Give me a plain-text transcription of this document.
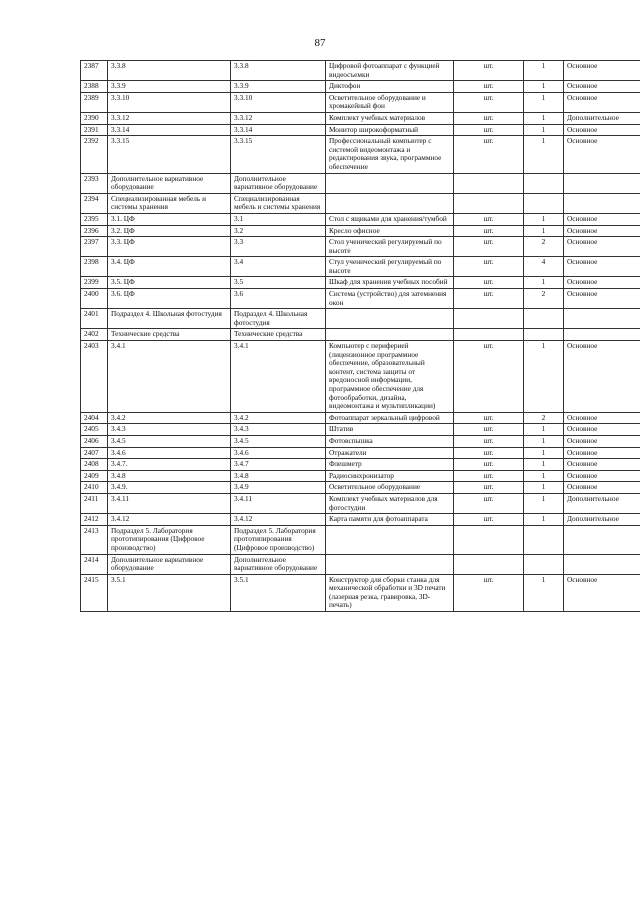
87
2387	3.3.8	3.3.8	Цифровой фотоаппарат с функцией видеосъемки	шт.	1	Основное
2388	3.3.9	3.3.9	Диктофон	шт.	1	Основное
2389	3.3.10	3.3.10	Осветительное оборудование и хромакейный фон	шт.	1	Основное
2390	3.3.12	3.3.12	Комплект учебных материалов	шт.	1	Дополнительное
2391	3.3.14	3.3.14	Монитор широкоформатный	шт.	1	Основное
2392	3.3.15	3.3.15	Профессиональный компьютер с системой видеомонтажа и редактирования звука, программное обеспечение	шт.	1	Основное
2393	Дополнительное вариативное оборудование	Дополнительное вариативное оборудование				
2394	Специализированная мебель и системы хранения	Специализированная мебель и системы хранения				
2395	3.1. ЦФ	3.1	Стол с ящиками для хранения/тумбой	шт.	1	Основное
2396	3.2. ЦФ	3.2	Кресло офисное	шт.	1	Основное
2397	3.3. ЦФ	3.3	Стол ученический регулируемый по высоте	шт.	2	Основное
2398	3.4. ЦФ	3.4	Стул ученический регулируемый по высоте	шт.	4	Основное
2399	3.5. ЦФ	3.5	Шкаф для хранения учебных пособий	шт.	1	Основное
2400	3.6. ЦФ	3.6	Система (устройство) для затемнения окон	шт.	2	Основное
2401	Подраздел 4. Школьная фотостудия	Подраздел 4. Школьная фотостудия				
2402	Технические средства	Технические средства				
2403	3.4.1	3.4.1	Компьютер с периферией (лицензионное программное обеспечение, образовательный контент, система защиты от вредоносной информации, программное обеспечение для фотообработки, дизайна, видеомонтажа и мультипликации)	шт.	1	Основное
2404	3.4.2	3.4.2	Фотоаппарат зеркальный цифровой	шт.	2	Основное
2405	3.4.3	3.4.3	Штатив	шт.	1	Основное
2406	3.4.5	3.4.5	Фотовспышка	шт.	1	Основное
2407	3.4.6	3.4.6	Отражатели	шт.	1	Основное
2408	3.4.7.	3.4.7	Флешметр	шт.	1	Основное
2409	3.4.8	3.4.8	Радиосинхронизатор	шт.	1	Основное
2410	3.4.9.	3.4.9	Осветительное оборудование	шт.	1	Основное
2411	3.4.11	3.4.11	Комплект учебных материалов для фотостудии	шт.	1	Дополнительное
2412	3.4.12	3.4.12	Карта памяти для фотоаппарата	шт.	1	Дополнительное
2413	Подраздел 5. Лаборатория прототипирования (Цифровое производство)	Подраздел 5. Лаборатория прототипирования (Цифровое производство)				
2414	Дополнительное вариативное оборудование	Дополнительное вариативное оборудование				
2415	3.5.1	3.5.1	Конструктор для сборки станка для механической обработки и 3D печати (лазерная резка, гравировка, 3D-печать)	шт.	1	Основное
